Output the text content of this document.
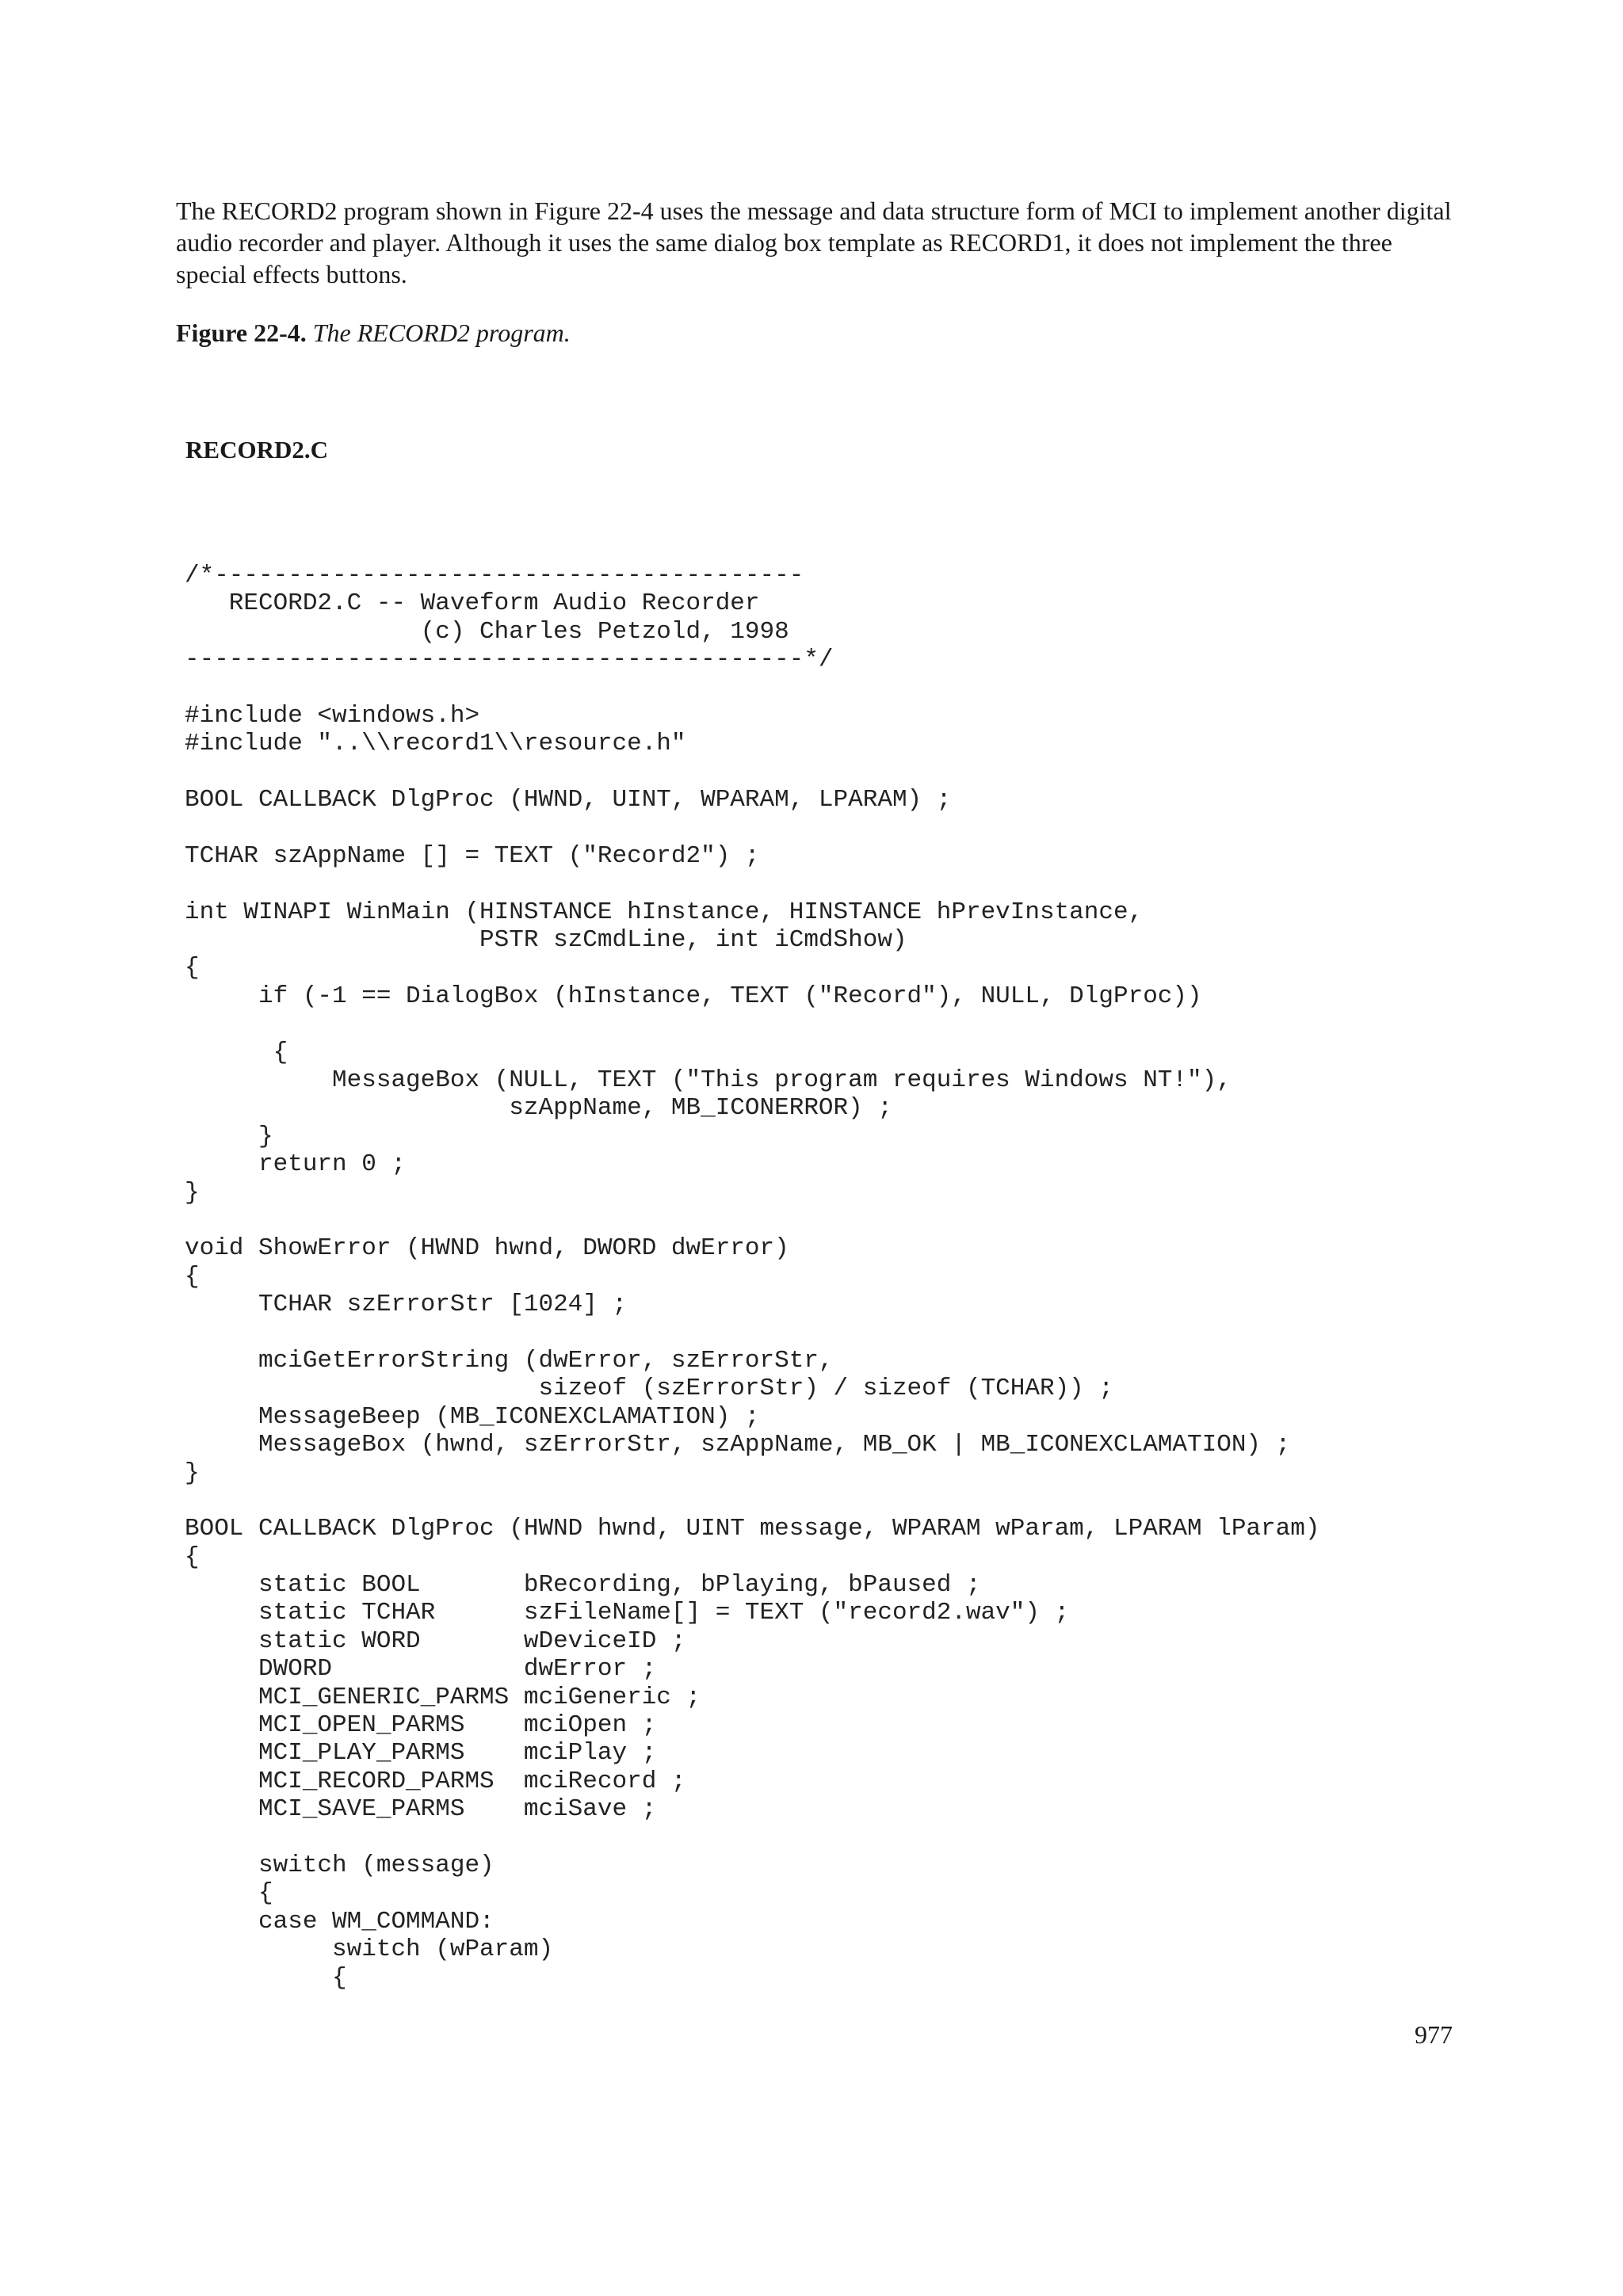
The RECORD2 program shown in Figure 22-4 uses the message and data structure form of MCI to implement another digital audio recorder and player. Although it uses the same dialog box template as RECORD1, it does not implement the three special effects buttons.

Figure 22-4. The RECORD2 program.

RECORD2.C

/*----------------------------------------
RECORD2.C -- Waveform Audio Recorder
(c) Charles Petzold, 1998
------------------------------------------*/
#include <windows.h>
#include "..\\record1\\resource.h"
BOOL CALLBACK DlgProc (HWND, UINT, WPARAM, LPARAM) ;
TCHAR szAppName [] = TEXT ("Record2") ;
int WINAPI WinMain (HINSTANCE hInstance, HINSTANCE hPrevInstance,
PSTR szCmdLine, int iCmdShow)
{
if (-1 == DialogBox (hInstance, TEXT ("Record"), NULL, DlgProc))
{
MessageBox (NULL, TEXT ("This program requires Windows NT!"),
szAppName, MB_ICONERROR) ;
}
return 0 ;
}
void ShowError (HWND hwnd, DWORD dwError)
{
TCHAR szErrorStr [1024] ;
mciGetErrorString (dwError, szErrorStr,
sizeof (szErrorStr) / sizeof (TCHAR)) ;
MessageBeep (MB_ICONEXCLAMATION) ;
MessageBox (hwnd, szErrorStr, szAppName, MB_OK | MB_ICONEXCLAMATION) ;
}
BOOL CALLBACK DlgProc (HWND hwnd, UINT message, WPARAM wParam, LPARAM lParam)
{
static BOOL       bRecording, bPlaying, bPaused ;
static TCHAR      szFileName[] = TEXT ("record2.wav") ;
static WORD       wDeviceID ;
DWORD             dwError ;
MCI_GENERIC_PARMS mciGeneric ;
MCI_OPEN_PARMS    mciOpen ;
MCI_PLAY_PARMS    mciPlay ;
MCI_RECORD_PARMS  mciRecord ;
MCI_SAVE_PARMS    mciSave ;
switch (message)
{
case WM_COMMAND:
switch (wParam)
{

977
